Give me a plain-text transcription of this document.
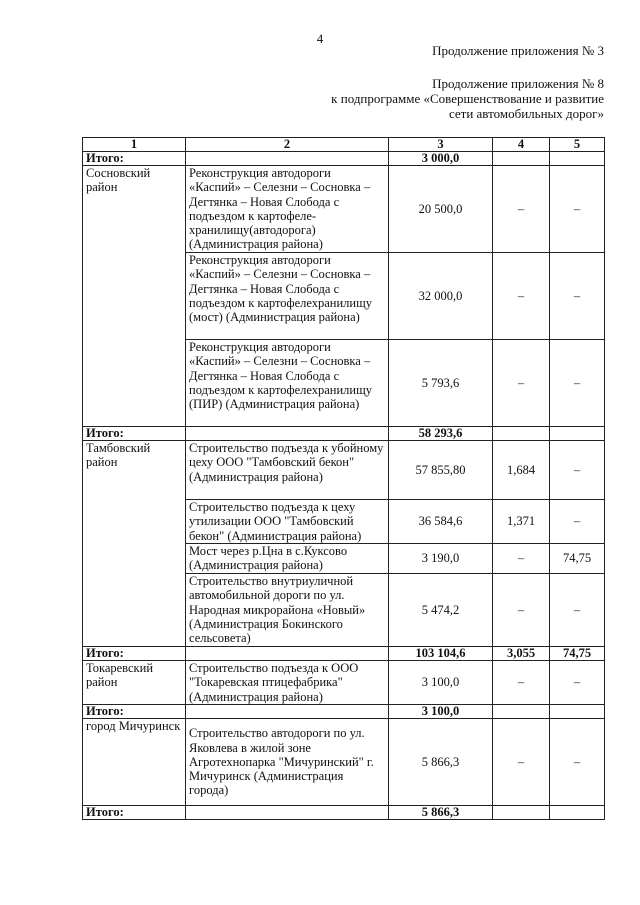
4
Продолжение приложения № 3
Продолжение приложения № 8
к подпрограмме «Совершенствование и развитие
сети автомобильных дорог»
1	2	3	4	5
Итого:		3 000,0		
Сосновский район	Реконструкция автодороги «Каспий» – Селезни – Сосновка – Дегтянка – Новая Слобода с подъездом к картофеле-хранилищу(автодорога) (Администрация района)	20 500,0	–	–
	Реконструкция автодороги «Каспий» – Селезни – Сосновка – Дегтянка – Новая Слобода с подъездом к картофелехранилищу (мост) (Администрация района)	32 000,0	–	–
	Реконструкция автодороги «Каспий» – Селезни – Сосновка – Дегтянка – Новая Слобода с подъездом к картофелехранилищу (ПИР) (Администрация района)	5 793,6	–	–
Итого:		58 293,6		
Тамбовский район	Строительство подъезда к убойному цеху ООО "Тамбовский бекон" (Администрация района)	57 855,80	1,684	–
	Строительство подъезда к цеху утилизации ООО "Тамбовский бекон" (Администрация района)	36 584,6	1,371	–
	Мост через р.Цна в с.Куксово (Администрация района)	3 190,0	–	74,75
	Строительство внутриуличной автомобильной дороги по ул. Народная микрорайона «Новый» (Администрация Бокинского сельсовета)	5 474,2	–	–
Итого:		103 104,6	3,055	74,75
Токаревский район	Строительство подъезда к ООО "Токаревская птицефабрика" (Администрация района)	3 100,0	–	–
Итого:		3 100,0		
город Мичуринск	Строительство автодороги по ул. Яковлева в жилой зоне Агротехнопарка "Мичуринский" г. Мичуринск (Администрация города)	5 866,3	–	–
Итого:		5 866,3		
